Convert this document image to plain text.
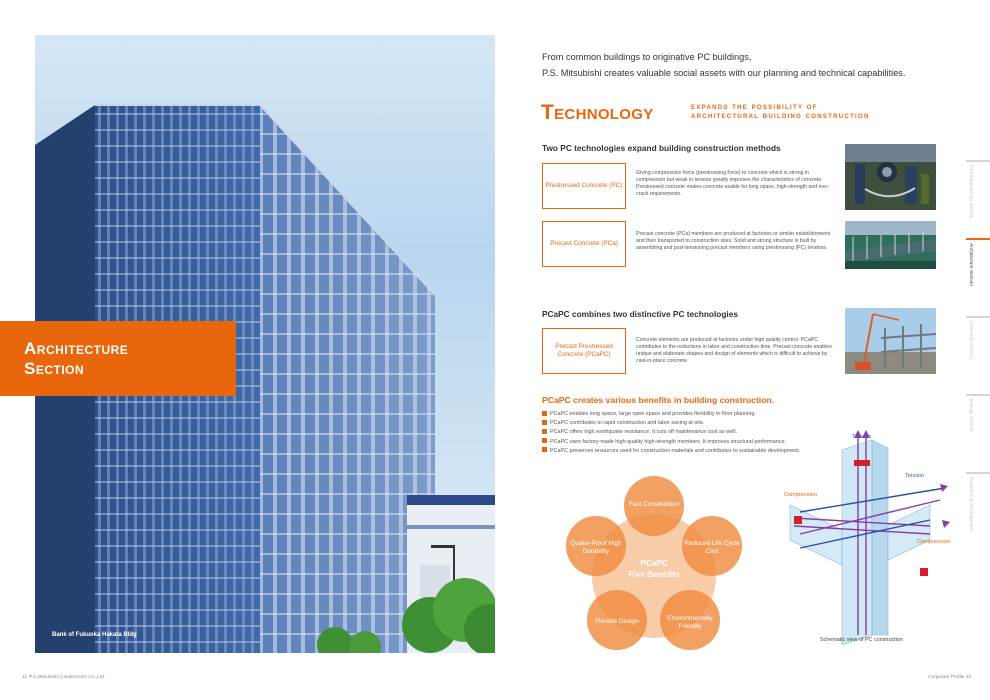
Bank of Fukuoka Hakata Bldg
Architecture
Section
From common buildings to originative PC buildings,
P.S. Mitsubishi creates valuable social assets with our planning and technical capabilities.
Technology	expands the possibility of
architectural building construction
Two PC technologies expand building construction methods
Prestressed Concrete (PC)
Giving compression force (prestressing force) to concrete which is strong in compression but weak in tension greatly improves the characteristics of concrete. Prestressed concrete makes concrete usable for long spans, high-strength and non-crack requirements.
Precast Concrete (PCa)
Precast concrete (PCa) members are produced at factories or similar establishments and then transported to construction sites. Solid and strong structure is built by assembling and post-tensioning precast members using prestressing (PC) tendons.
PCaPC combines two distinctive PC technologies
Precast Prestressed Concrete (PCaPC)
Concrete elements are produced at factories under high quality control. PCaPC contributes to the reductions in labor and construction time. Precast concrete enables unique and elaborate shapes and design of elements which is difficult to achieve by cast-in-place concrete.
PCaPC creates various benefits in building construction.
PCaPC enables long spans, large open space and provides flexibility to floor planning.
PCaPC contributes to rapid construction and labor saving at site.
PCaPC offers high earthquake resistance. It cuts off maintenance cost as well.
PCaPC uses factory-made high-quality high-strength members. It improves structural performance.
PCaPC preserves resources used for construction materials and contributes to sustainable development.
Fast Construction
Reduced Life Cycle Cost
Environmentally Friendly
Flexible Design
Quake-Proof High Durability
PCaPC
Five Benefits
Tension
Tension
Compression
Compression
Schematic view of PC construction
Civil Engineering Section
Architecture Section
Overseas Section
Energy Section
Research & Development
11 P.S.Mitsubishi Construction Co.,Ltd.	Corporate Profile 12
